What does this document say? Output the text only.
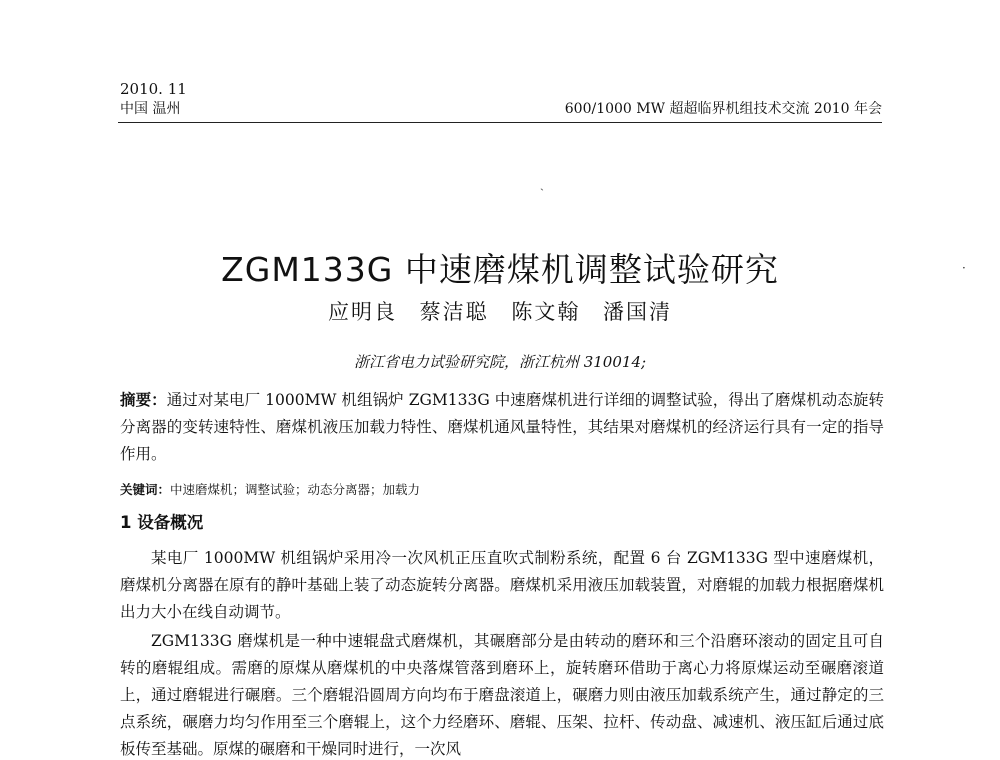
2010. 11
中国 温州	600/1000 MW 超超临界机组技术交流 2010 年会
ˏ
·
ZGM133G 中速磨煤机调整试验研究
应明良 蔡洁聪 陈文翰 潘国清
浙江省电力试验研究院，浙江杭州 310014;
摘要：通过对某电厂 1000MW 机组锅炉 ZGM133G 中速磨煤机进行详细的调整试验，得出了磨煤机动态旋转分离器的变转速特性、磨煤机液压加载力特性、磨煤机通风量特性，其结果对磨煤机的经济运行具有一定的指导作用。
关键词：中速磨煤机；调整试验；动态分离器；加载力
1 设备概况

某电厂 1000MW 机组锅炉采用冷一次风机正压直吹式制粉系统，配置 6 台 ZGM133G 型中速磨煤机，磨煤机分离器在原有的静叶基础上装了动态旋转分离器。磨煤机采用液压加载装置，对磨辊的加载力根据磨煤机出力大小在线自动调节。

ZGM133G 磨煤机是一种中速辊盘式磨煤机，其碾磨部分是由转动的磨环和三个沿磨环滚动的固定且可自转的磨辊组成。需磨的原煤从磨煤机的中央落煤管落到磨环上，旋转磨环借助于离心力将原煤运动至碾磨滚道上，通过磨辊进行碾磨。三个磨辊沿圆周方向均布于磨盘滚道上，碾磨力则由液压加载系统产生，通过静定的三点系统，碾磨力均匀作用至三个磨辊上，这个力经磨环、磨辊、压架、拉杆、传动盘、减速机、液压缸后通过底板传至基础。原煤的碾磨和干燥同时进行，一次风
